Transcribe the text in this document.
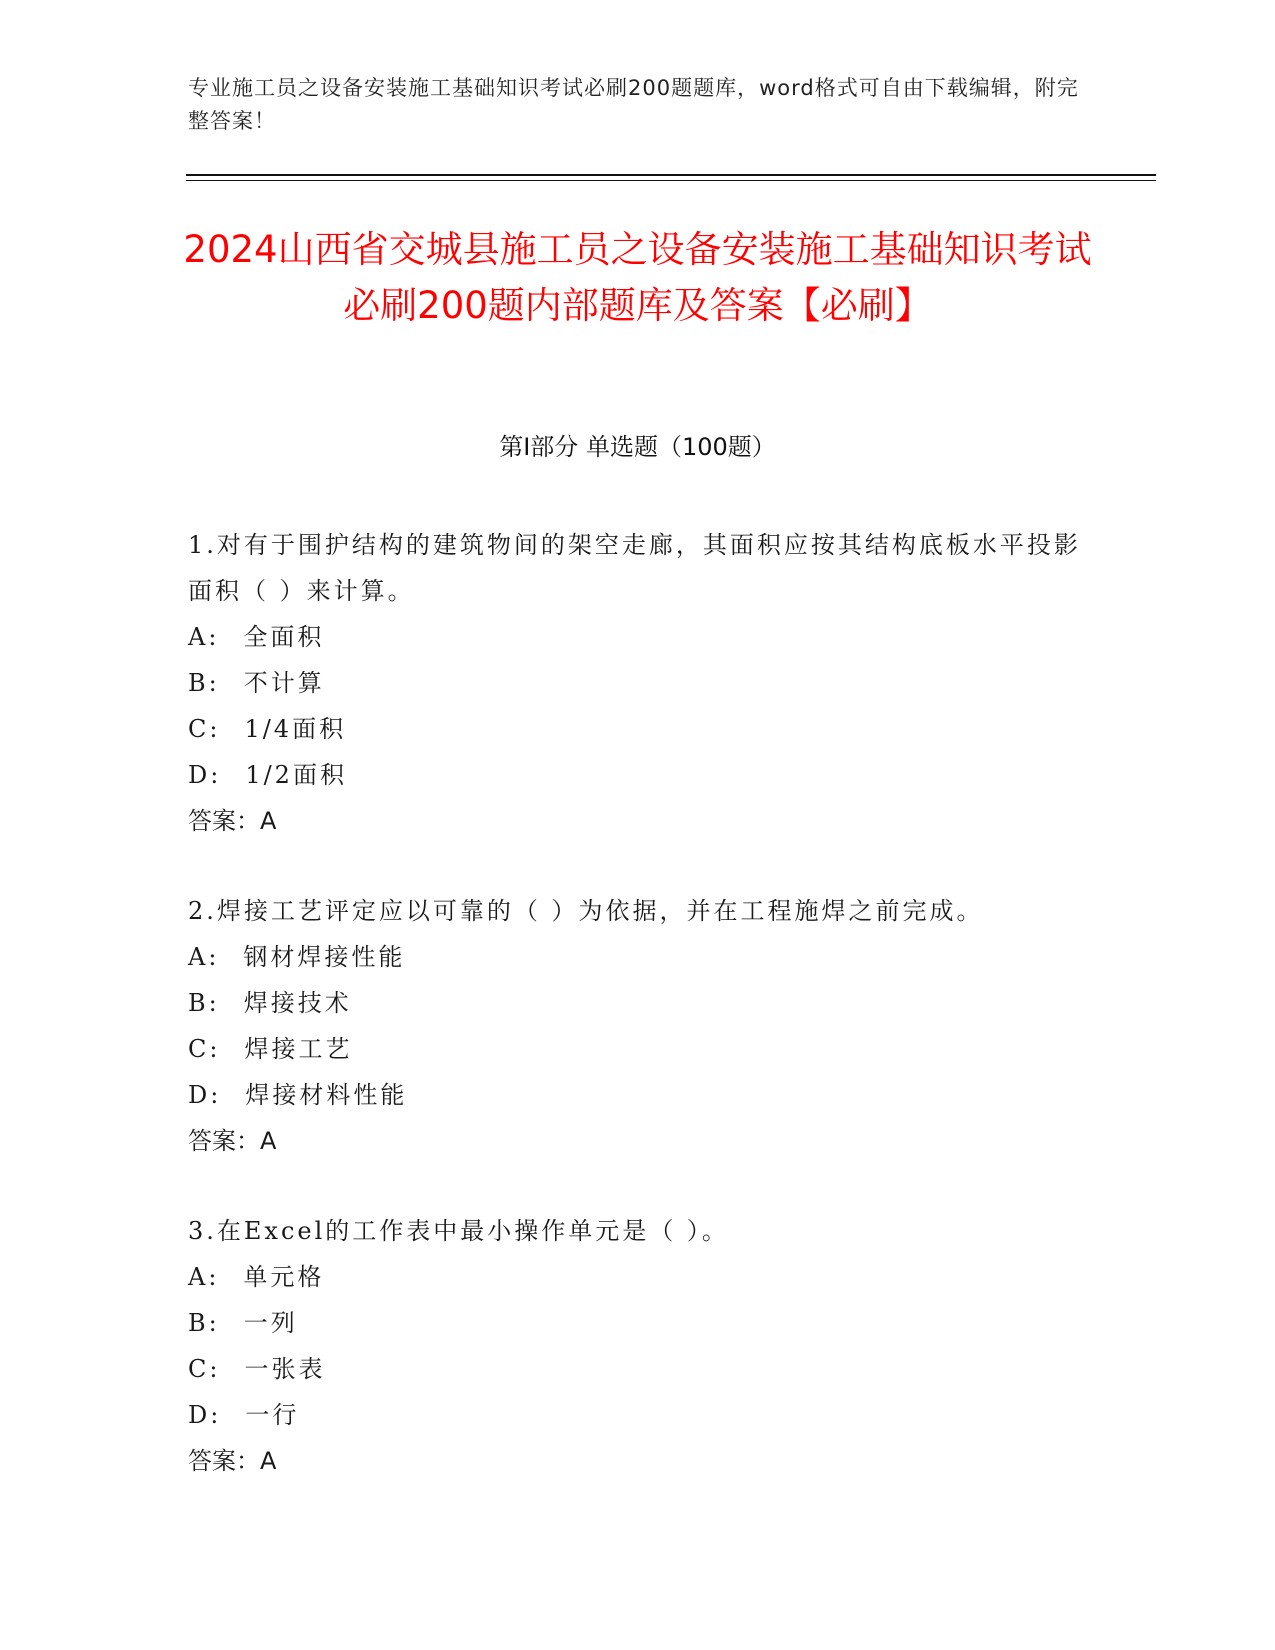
专业施工员之设备安装施工基础知识考试必刷200题题库，word格式可自由下载编辑，附完整答案！
2024山西省交城县施工员之设备安装施工基础知识考试必刷200题内部题库及答案【必刷】
第I部分 单选题（100题）

1.对有于围护结构的建筑物间的架空走廊，其面积应按其结构底板水平投影面积（ ）来计算。

A: 全面积

B: 不计算

C: 1/4面积

D: 1/2面积

答案：A

2.焊接工艺评定应以可靠的（ ）为依据，并在工程施焊之前完成。

A: 钢材焊接性能

B: 焊接技术

C: 焊接工艺

D: 焊接材料性能

答案：A

3.在Excel的工作表中最小操作单元是（ ）。

A: 单元格

B: 一列

C: 一张表

D: 一行

答案：A
